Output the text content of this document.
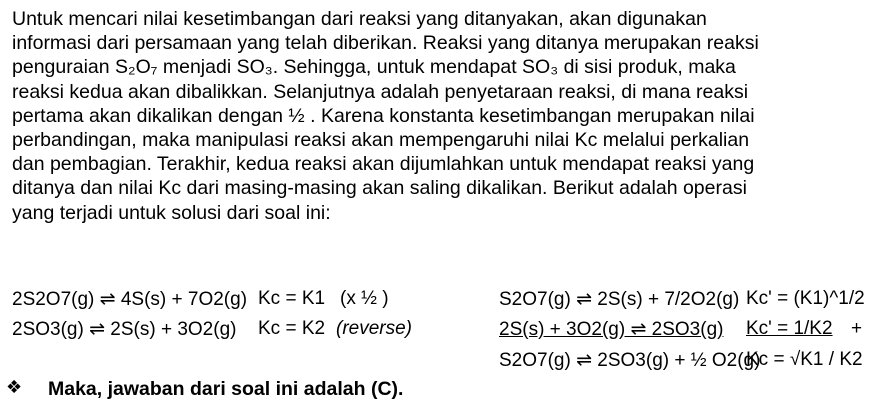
Untuk mencari nilai kesetimbangan dari reaksi yang ditanyakan, akan digunakan

informasi dari persamaan yang telah diberikan. Reaksi yang ditanya merupakan reaksi

penguraian S₂O₇ menjadi SO₃. Sehingga, untuk mendapat SO₃ di sisi produk, maka

reaksi kedua akan dibalikkan. Selanjutnya adalah penyetaraan reaksi, di mana reaksi

pertama akan dikalikan dengan ½ . Karena konstanta kesetimbangan merupakan nilai

perbandingan, maka manipulasi reaksi akan mempengaruhi nilai Kc melalui perkalian

dan pembagian. Terakhir, kedua reaksi akan dijumlahkan untuk mendapat reaksi yang

ditanya dan nilai Kc dari masing-masing akan saling dikalikan. Berikut adalah operasi

yang terjadi untuk solusi dari soal ini:

2S2O7(g) ⇌ 4S(s) + 7O2(g) Kc = K1 (x ½ )
2SO3(g) ⇌ 2S(s) + 3O2(g) Kc = K2 (reverse)
S2O7(g) ⇌ 2S(s) + 7/2O2(g) Kc' = (K1)^1/2
2S(s) + 3O2(g) ⇌ 2SO3(g) Kc' = 1/K2 +
S2O7(g) ⇌ 2SO3(g) + ½ O2(g)
Kc = √K1 / K2
❖ Maka, jawaban dari soal ini adalah (C).
